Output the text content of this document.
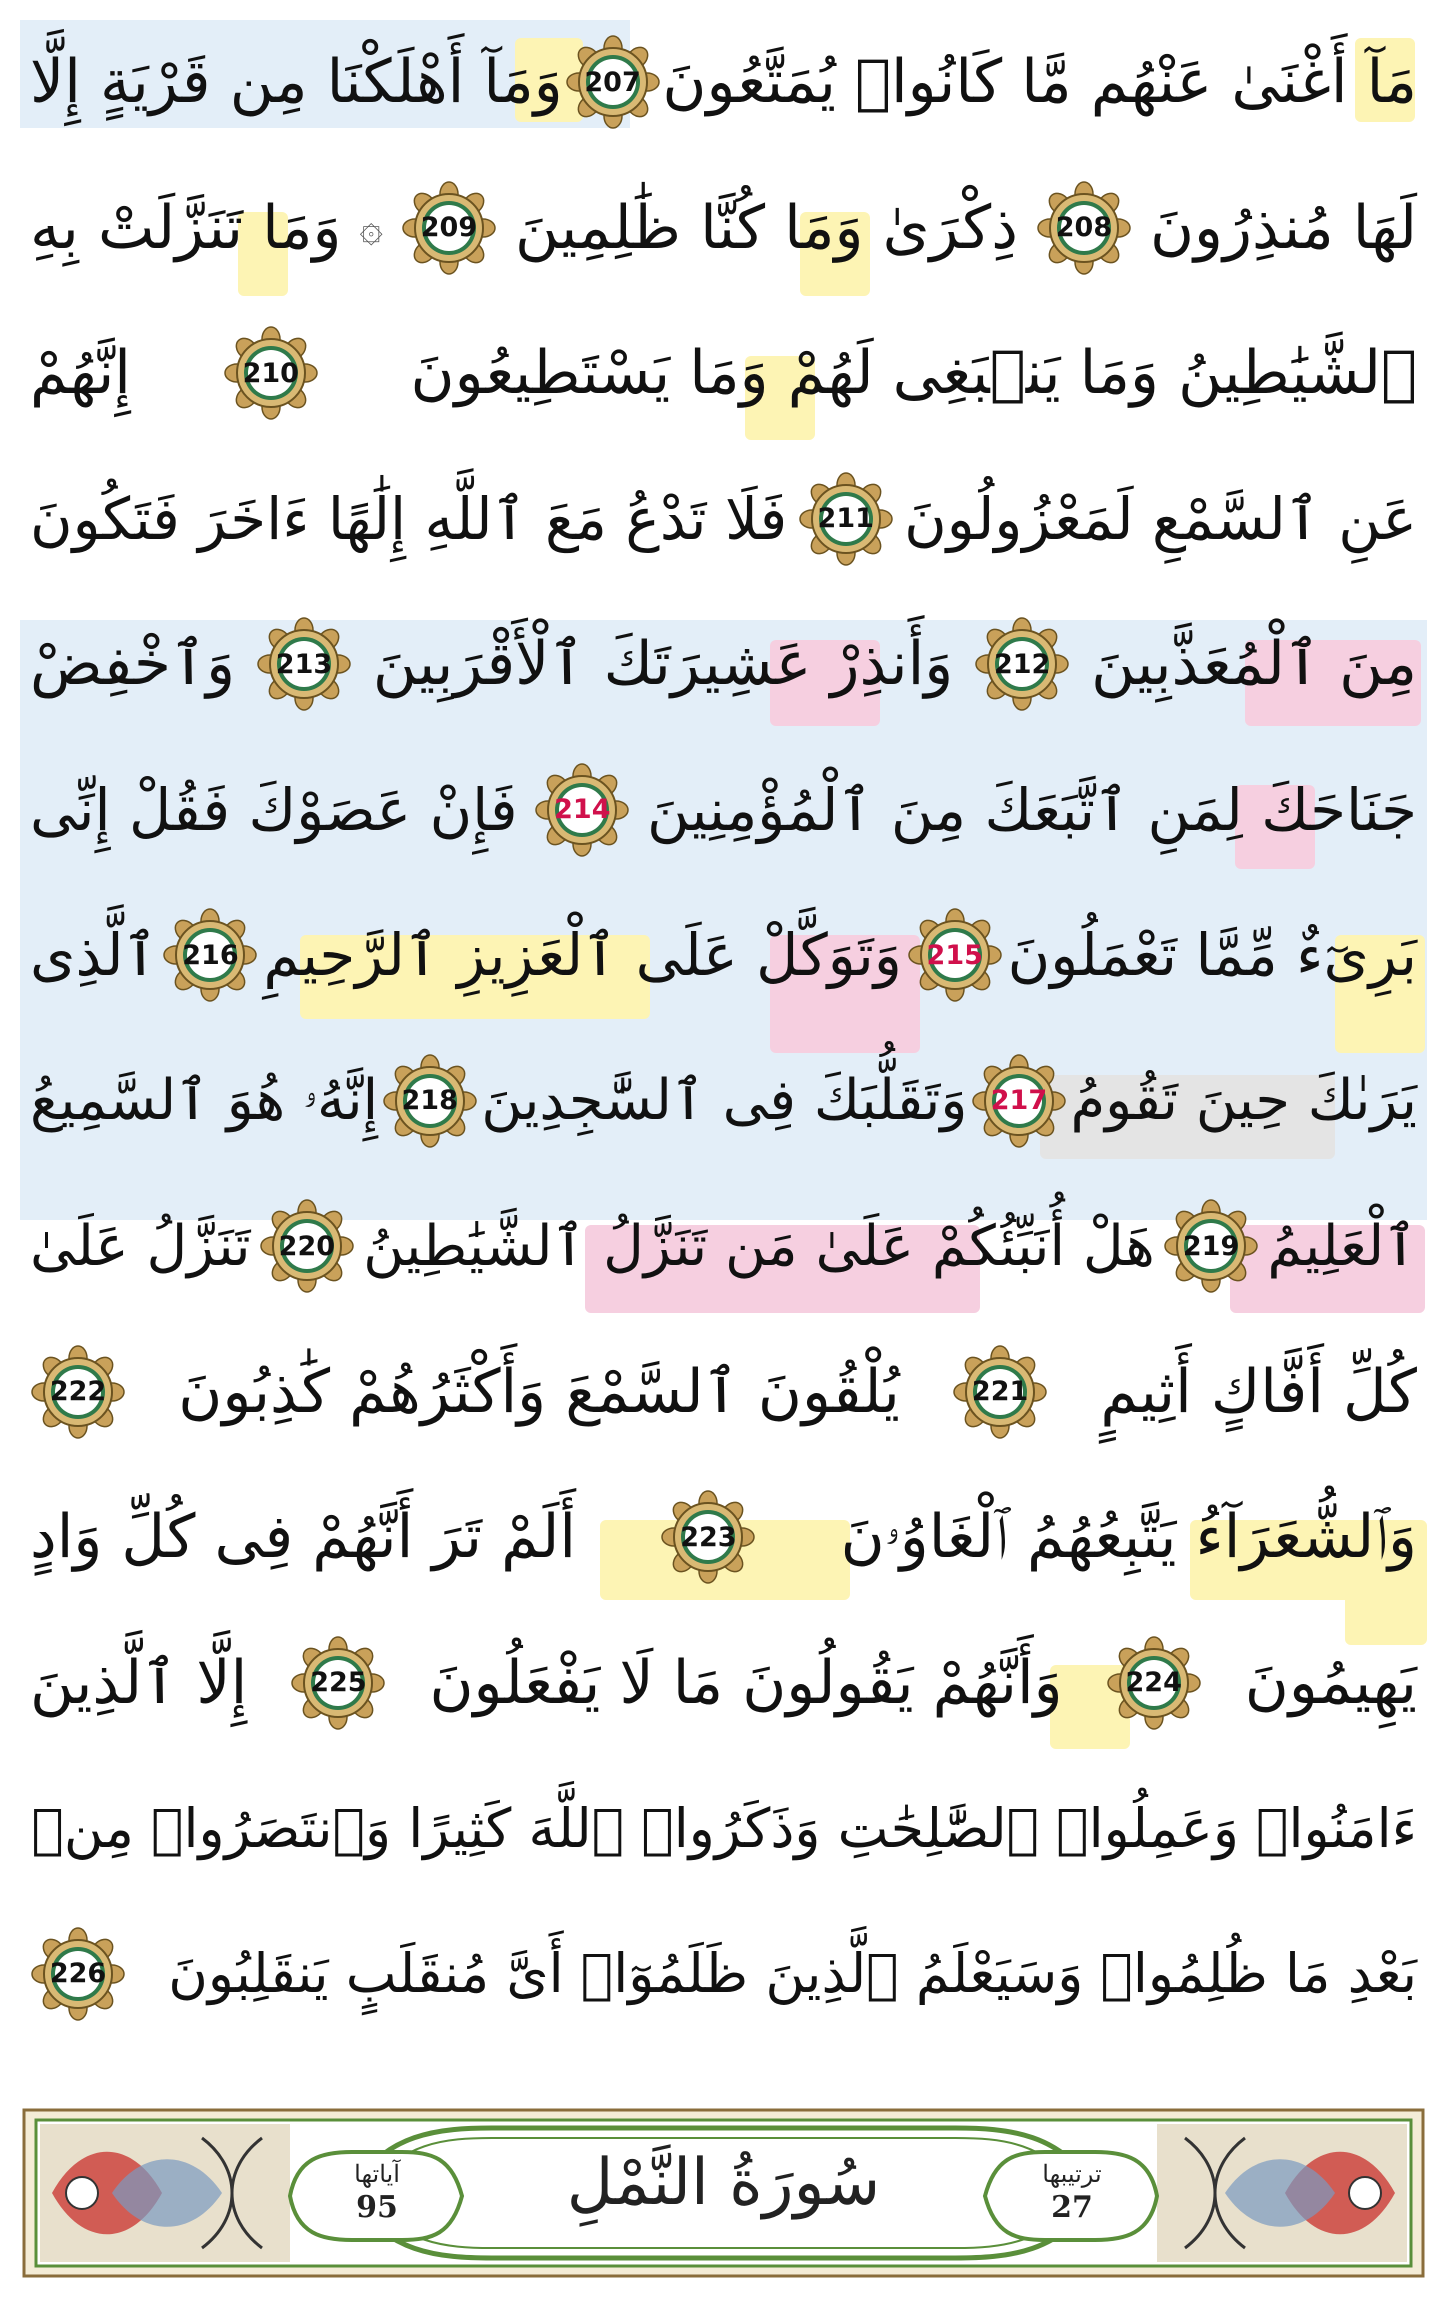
مَآ أَغْنَىٰ عَنْهُم مَّا كَانُوا۟ يُمَتَّعُونَ
207
وَمَآ أَهْلَكْنَا مِن قَرْيَةٍ إِلَّا
لَهَا مُنذِرُونَ
208
ذِكْرَىٰ وَمَا كُنَّا ظَٰلِمِينَ
209
۞
وَمَا تَنَزَّلَتْ بِهِ
ٱلشَّيَٰطِينُ وَمَا يَنۢبَغِى لَهُمْ وَمَا يَسْتَطِيعُونَ
210
إِنَّهُمْ
عَنِ ٱلسَّمْعِ لَمَعْزُولُونَ
211
فَلَا تَدْعُ مَعَ ٱللَّهِ إِلَٰهًا ءَاخَرَ فَتَكُونَ
مِنَ ٱلْمُعَذَّبِينَ
212
وَأَنذِرْ عَشِيرَتَكَ ٱلْأَقْرَبِينَ
213
وَٱخْفِضْ
جَنَاحَكَ لِمَنِ ٱتَّبَعَكَ مِنَ ٱلْمُؤْمِنِينَ
214
فَإِنْ عَصَوْكَ فَقُلْ إِنِّى
بَرِىٓءٌ مِّمَّا تَعْمَلُونَ
215
وَتَوَكَّلْ عَلَى ٱلْعَزِيزِ ٱلرَّحِيمِ
216
ٱلَّذِى
يَرَىٰكَ حِينَ تَقُومُ
217
وَتَقَلُّبَكَ فِى ٱلسَّٰجِدِينَ
218
إِنَّهُۥ هُوَ ٱلسَّمِيعُ
ٱلْعَلِيمُ
219
هَلْ أُنَبِّئُكُمْ عَلَىٰ مَن تَنَزَّلُ ٱلشَّيَٰطِينُ
220
تَنَزَّلُ عَلَىٰ
كُلِّ أَفَّاكٍ أَثِيمٍ
221
يُلْقُونَ ٱلسَّمْعَ وَأَكْثَرُهُمْ كَٰذِبُونَ
222
وَٱلشُّعَرَآءُ يَتَّبِعُهُمُ ٱلْغَاوُۥنَ
223
أَلَمْ تَرَ أَنَّهُمْ فِى كُلِّ وَادٍ
يَهِيمُونَ
224
وَأَنَّهُمْ يَقُولُونَ مَا لَا يَفْعَلُونَ
225
إِلَّا ٱلَّذِينَ
ءَامَنُوا۟ وَعَمِلُوا۟ ٱلصَّٰلِحَٰتِ وَذَكَرُوا۟ ٱللَّهَ كَثِيرًا وَٱنتَصَرُوا۟ مِنۢ
بَعْدِ مَا ظُلِمُوا۟ وَسَيَعْلَمُ ٱلَّذِينَ ظَلَمُوٓا۟ أَىَّ مُنقَلَبٍ يَنقَلِبُونَ
226
سُورَةُ النَّمْلِ
آياتها
95
ترتيبها
27
